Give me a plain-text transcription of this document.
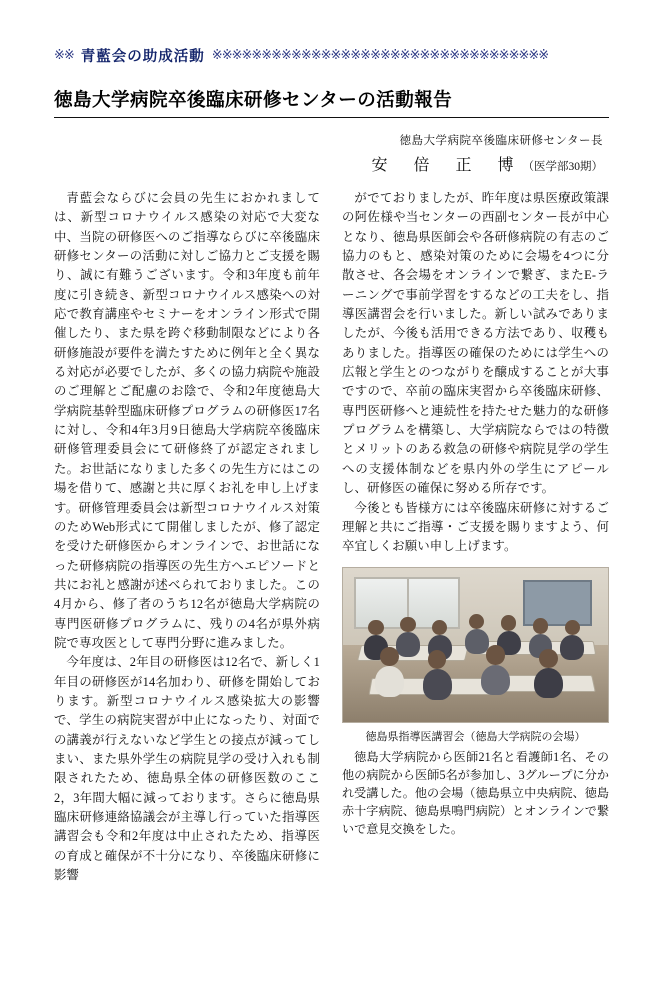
※※ 青藍会の助成活動 ※※※※※※※※※※※※※※※※※※※※※※※※※※※※※※※※※※
徳島大学病院卒後臨床研修センターの活動報告
徳島大学病院卒後臨床研修センター長
安　倍　正　博 （医学部30期）

青藍会ならびに会員の先生におかれましては、新型コロナウイルス感染の対応で大変な中、当院の研修医へのご指導ならびに卒後臨床研修センターの活動に対しご協力とご支援を賜り、誠に有難うございます。令和3年度も前年度に引き続き、新型コロナウイルス感染への対応で教育講座やセミナーをオンライン形式で開催したり、また県を跨ぐ移動制限などにより各研修施設が要件を満たすために例年と全く異なる対応が必要でしたが、多くの協力病院や施設のご理解とご配慮のお陰で、令和2年度徳島大学病院基幹型臨床研修プログラムの研修医17名に対し、令和4年3月9日徳島大学病院卒後臨床研修管理委員会にて研修終了が認定されました。お世話になりました多くの先生方にはこの場を借りて、感謝と共に厚くお礼を申し上げます。研修管理委員会は新型コロナウイルス対策のためWeb形式にて開催しましたが、修了認定を受けた研修医からオンラインで、お世話になった研修病院の指導医の先生方へエピソードと共にお礼と感謝が述べられておりました。この4月から、修了者のうち12名が徳島大学病院の専門医研修プログラムに、残りの4名が県外病院で専攻医として専門分野に進みました。

今年度は、2年目の研修医は12名で、新しく1年目の研修医が14名加わり、研修を開始しております。新型コロナウイルス感染拡大の影響で、学生の病院実習が中止になったり、対面での講義が行えないなど学生との接点が減ってしまい、また県外学生の病院見学の受け入れも制限されたため、徳島県全体の研修医数のここ2，3年間大幅に減っております。さらに徳島県臨床研修連絡協議会が主導し行っていた指導医講習会も令和2年度は中止されたため、指導医の育成と確保が不十分になり、卒後臨床研修に影響

がでておりましたが、昨年度は県医療政策課の阿佐様や当センターの西副センター長が中心となり、徳島県医師会や各研修病院の有志のご協力のもと、感染対策のために会場を4つに分散させ、各会場をオンラインで繋ぎ、またE-ラーニングで事前学習をするなどの工夫をし、指導医講習会を行いました。新しい試みでありましたが、今後も活用できる方法であり、収穫もありました。指導医の確保のためには学生への広報と学生とのつながりを醸成することが大事ですので、卒前の臨床実習から卒後臨床研修、専門医研修へと連続性を持たせた魅力的な研修プログラムを構築し、大学病院ならではの特徴とメリットのある救急の研修や病院見学の学生への支援体制などを県内外の学生にアピールし、研修医の確保に努める所存です。

今後とも皆様方には卒後臨床研修に対するご理解と共にご指導・ご支援を賜りますよう、何卒宜しくお願い申し上げます。

徳島県指導医講習会（徳島大学病院の会場）
徳島大学病院から医師21名と看護師1名、その他の病院から医師5名が参加し、3グループに分かれ受講した。他の会場（徳島県立中央病院、徳島赤十字病院、徳島県鳴門病院）とオンラインで繋いで意見交換をした。
